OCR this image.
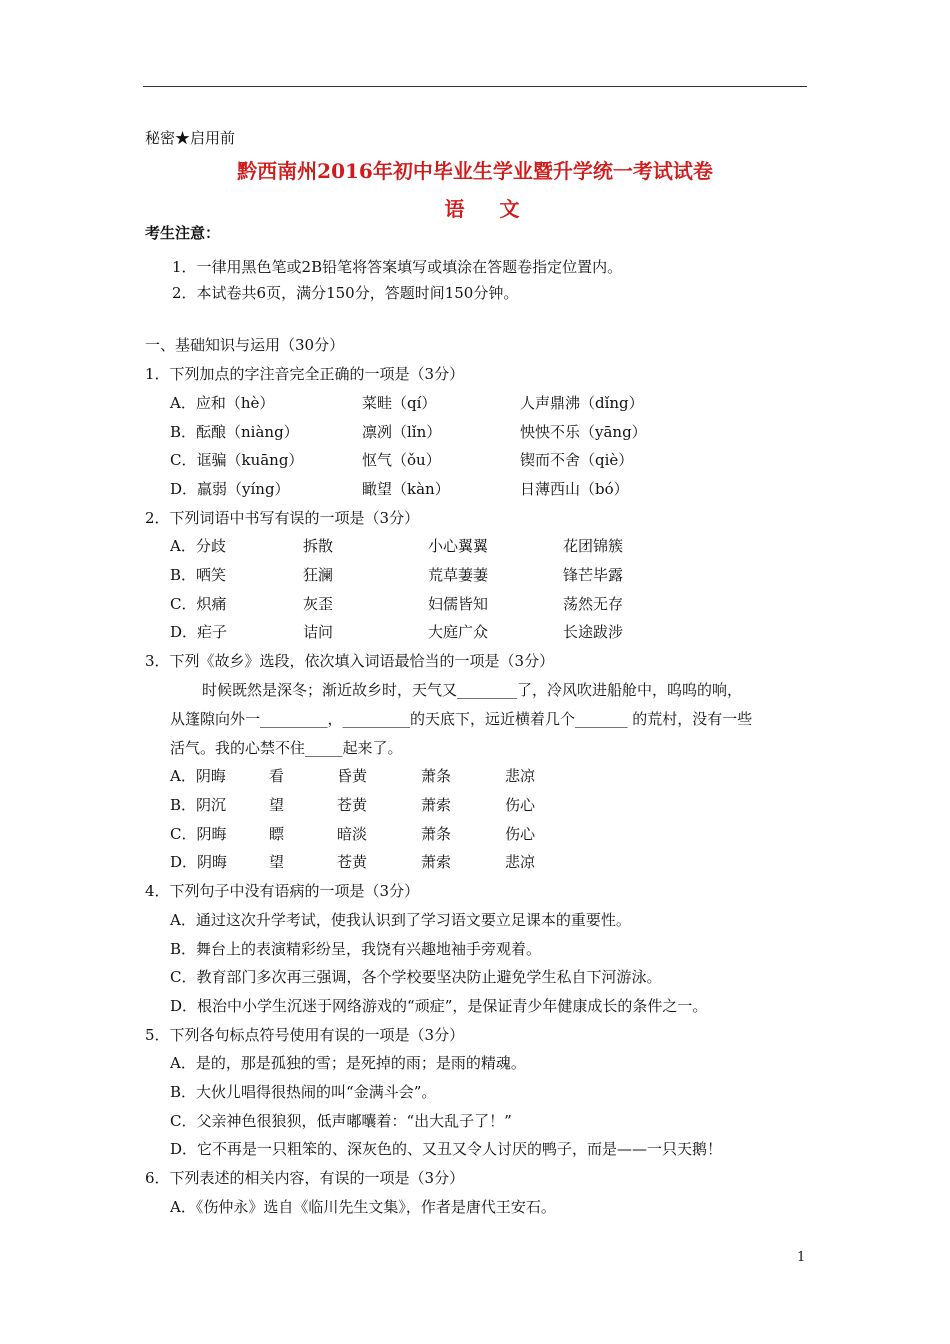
秘密★启用前
黔西南州2016年初中毕业生学业暨升学统一考试试卷
语 文
考生注意：
1．一律用黑色笔或2B铅笔将答案填写或填涂在答题卷指定位置内。
2．本试卷共6页，满分150分，答题时间150分钟。
一、基础知识与运用（30分）
1．下列加点的字注音完全正确的一项是（3分）
A．应和（hè）	菜畦（qí）	人声鼎沸（dǐng）
B．酝酿（niàng）	凛冽（lǐn）	怏怏不乐（yāng）
C．诓骗（kuāng）	怄气（ǒu）	锲而不舍（qiè）
D．羸弱（yíng）	瞰望（kàn）	日薄西山（bó）
2．下列词语中书写有误的一项是（3分）
A．分歧	拆散	小心翼翼	花团锦簇
B．哂笑	狂澜	荒草萋萋	锋芒毕露
C．炽痛	灰歪	妇儒皆知	荡然无存
D．疟子	诘问	大庭广众	长途跋涉
3．下列《故乡》选段，依次填入词语最恰当的一项是（3分）
时候既然是深冬；渐近故乡时，天气又________了，冷风吹进船舱中，呜呜的响，
从篷隙向外一_________，_________的天底下，远近横着几个_______ 的荒村，没有一些
活气。我的心禁不住_____起来了。
A．阴晦	看	昏黄	萧条	悲凉
B．阴沉	望	苍黄	萧索	伤心
C．阴晦	瞟	暗淡	萧条	伤心
D．阴晦	望	苍黄	萧索	悲凉
4．下列句子中没有语病的一项是（3分）
A．通过这次升学考试，使我认识到了学习语文要立足课本的重要性。
B．舞台上的表演精彩纷呈，我饶有兴趣地袖手旁观着。
C．教育部门多次再三强调，各个学校要坚决防止避免学生私自下河游泳。
D．根治中小学生沉迷于网络游戏的“顽症”，是保证青少年健康成长的条件之一。
5．下列各句标点符号使用有误的一项是（3分）
A．是的，那是孤独的雪；是死掉的雨；是雨的精魂。
B．大伙儿唱得很热闹的叫“金满斗会”。
C．父亲神色很狼狈，低声嘟囔着：“出大乱子了！”
D．它不再是一只粗笨的、深灰色的、又丑又令人讨厌的鸭子，而是——一只天鹅！
6．下列表述的相关内容，有误的一项是（3分）
A．《伤仲永》选自《临川先生文集》，作者是唐代王安石。
1
